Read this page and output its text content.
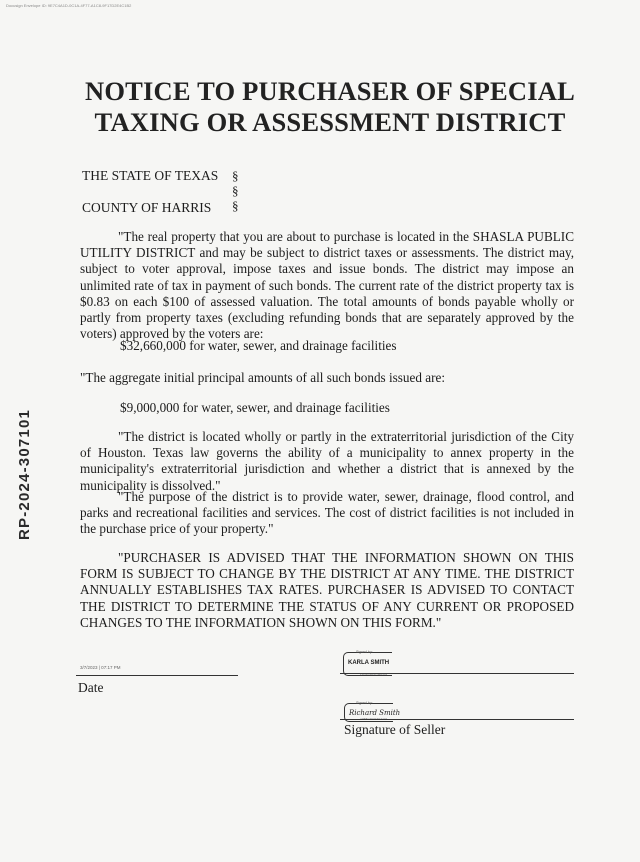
Docusign Envelope ID: 9E7C4A1D-0C1A-4F77-A1C8-9F17D2E4C1B2
RP-2024-307101
NOTICE TO PURCHASER OF SPECIAL
TAXING OR ASSESSMENT DISTRICT
THE STATE OF TEXAS
COUNTY OF HARRIS
§
§
§
"The real property that you are about to purchase is located in the SHASLA PUBLIC UTILITY DISTRICT and may be subject to district taxes or assessments. The district may, subject to voter approval, impose taxes and issue bonds. The district may impose an unlimited rate of tax in payment of such bonds. The current rate of the district property tax is $0.83 on each $100 of assessed valuation. The total amounts of bonds payable wholly or partly from property taxes (excluding refunding bonds that are separately approved by the voters) approved by the voters are:
$32,660,000 for water, sewer, and drainage facilities
"The aggregate initial principal amounts of all such bonds issued are:
$9,000,000 for water, sewer, and drainage facilities
"The district is located wholly or partly in the extraterritorial jurisdiction of the City of Houston. Texas law governs the ability of a municipality to annex property in the municipality's extraterritorial jurisdiction and whether a district that is annexed by the municipality is dissolved."
"The purpose of the district is to provide water, sewer, drainage, flood control, and parks and recreational facilities and services. The cost of district facilities is not included in the purchase price of your property."
"PURCHASER IS ADVISED THAT THE INFORMATION SHOWN ON THIS FORM IS SUBJECT TO CHANGE BY THE DISTRICT AT ANY TIME. THE DISTRICT ANNUALLY ESTABLISHES TAX RATES. PURCHASER IS ADVISED TO CONTACT THE DISTRICT TO DETERMINE THE STATUS OF ANY CURRENT OR PROPOSED CHANGES TO THE INFORMATION SHOWN ON THIS FORM."
3/7/2023 | 07:17 PM
Date
Signed by:
KARLA SMITH
F1D2A3B4C5E6461
Signed by:
Richard Smith
A9B8C7D6E5F4472
Signature of Seller
